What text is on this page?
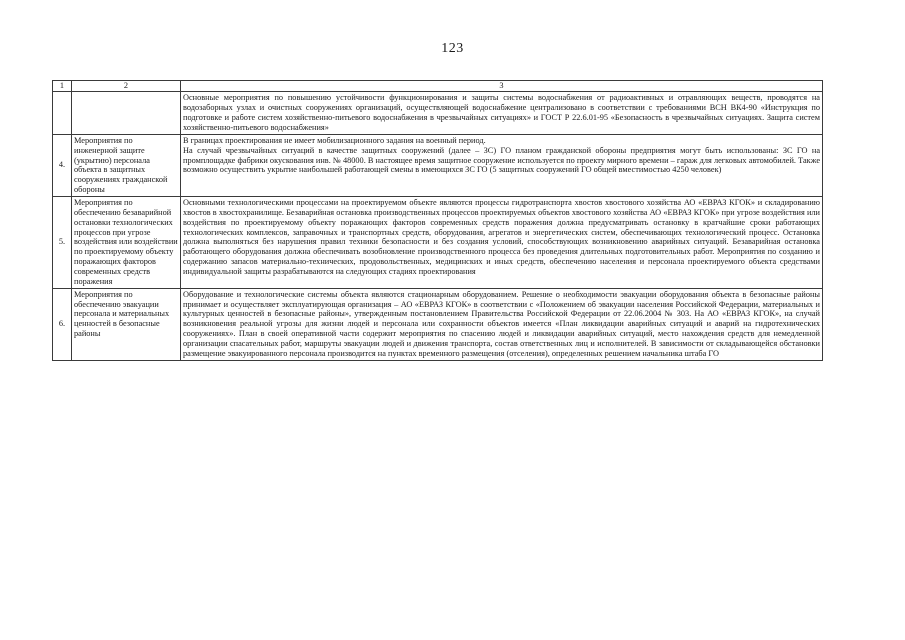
123
1	2	3

		Основные мероприятия по повышению устойчивости функционирования и защиты системы водоснабжения от радиоактивных и отравляющих веществ, проводятся на водозаборных узлах и очистных сооружениях организаций, осуществляющей водоснабжение централизовано в соответствии с требованиями ВСН ВК4-90 «Инструкция по подготовке и работе систем хозяйственно-питьевого водоснабжения в чрезвычайных ситуациях» и ГОСТ Р 22.6.01-95 «Безопасность в чрезвычайных ситуациях. Защита систем хозяйственно-питьевого водоснабжения»

4.	Мероприятия по инженерной защите (укрытию) персонала объекта в защитных сооружениях гражданской обороны	В границах проектирования не имеет мобилизационного задания на военный период.
На случай чрезвычайных ситуаций в качестве защитных сооружений (далее – ЗС) ГО планом гражданской обороны предприятия могут быть использованы: ЗС ГО на промплощадке фабрики окускования инв. № 48000. В настоящее время защитное сооружение используется по проекту мирного времени – гараж для легковых автомобилей. Также возможно осуществить укрытие наибольшей работающей смены в имеющихся ЗС ГО (5 защитных сооружений ГО общей вместимостью 4250 человек)

5.	Мероприятия по обеспечению безаварийной остановки технологических процессов при угрозе воздействия или воздействии по проектируемому объекту поражающих факторов современных средств поражения	Основными технологическими процессами на проектируемом объекте являются процессы гидротранспорта хвостов хвостового хозяйства АО «ЕВРАЗ КГОК» и складированию хвостов в хвостохранилище. Безаварийная остановка производственных процессов проектируемых объектов хвостового хозяйства АО «ЕВРАЗ КГОК» при угрозе воздействия или воздействия по проектируемому объекту поражающих факторов современных средств поражения должна предусматривать остановку в кратчайшие сроки работающих технологических комплексов, заправочных и транспортных средств, оборудования, агрегатов и энергетических систем, обеспечивающих технологический процесс. Остановка должна выполняться без нарушения правил техники безопасности и без создания условий, способствующих возникновению аварийных ситуаций. Безаварийная остановка работающего оборудования должна обеспечивать возобновление производственного процесса без проведения длительных подготовительных работ. Мероприятия по созданию и содержанию запасов материально-технических, продовольственных, медицинских и иных средств, обеспечению населения и персонала проектируемого объекта средствами индивидуальной защиты разрабатываются на следующих стадиях проектирования

6.	Мероприятия по обеспечению эвакуации персонала и материальных ценностей в безопасные районы	Оборудование и технологические системы объекта являются стационарным оборудованием. Решение о необходимости эвакуации оборудования объекта в безопасные районы принимает и осуществляет эксплуатирующая организация – АО «ЕВРАЗ КГОК» в соответствии с «Положением об эвакуации населения Российской Федерации, материальных и культурных ценностей в безопасные районы», утвержденным постановлением Правительства Российской Федерации от 22.06.2004 № 303. На АО «ЕВРАЗ КГОК», на случай возникновения реальной угрозы для жизни людей и персонала или сохранности объектов имеется «План ликвидации аварийных ситуаций и аварий на гидротехнических сооружениях». План в своей оперативной части содержит мероприятия по спасению людей и ликвидации аварийных ситуаций, место нахождения средств для немедленной организации спасательных работ, маршруты эвакуации людей и движения транспорта, состав ответственных лиц и исполнителей. В зависимости от складывающейся обстановки размещение эвакуированного персонала производится на пунктах временного размещения (отселения), определенных решением начальника штаба ГО
